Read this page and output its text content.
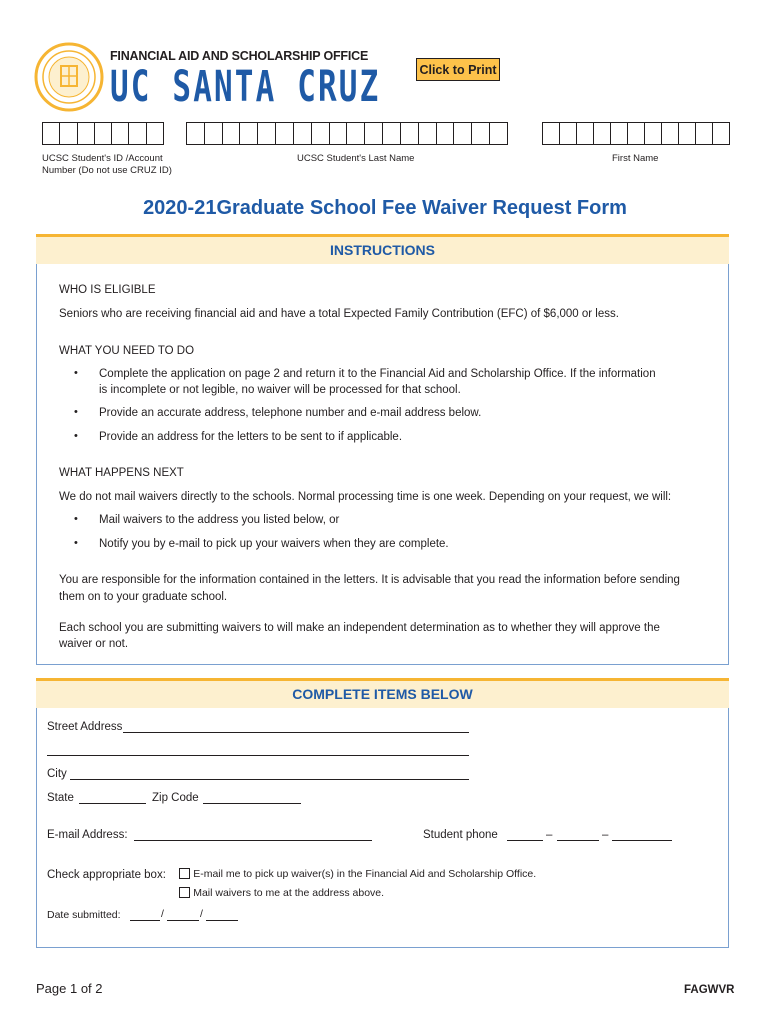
FINANCIAL AID AND SCHOLARSHIP OFFICE
UC SANTA CRUZ	Click to Print
UCSC Student's ID /Account
Number (Do not use CRUZ ID)
UCSC Student's Last Name	First Name
2020-21Graduate School Fee Waiver Request Form
INSTRUCTIONS
WHO IS ELIGIBLE
Seniors who are receiving financial aid and have a total Expected Family Contribution (EFC) of $6,000 or less.
WHAT YOU NEED TO DO
• Complete the application on page 2 and return it to the Financial Aid and Scholarship Office. If the information
is incomplete or not legible, no waiver will be processed for that school.
• Provide an accurate address, telephone number and e-mail address below.
• Provide an address for the letters to be sent to if applicable.
WHAT HAPPENS NEXT
We do not mail waivers directly to the schools. Normal processing time is one week. Depending on your request, we will:
• Mail waivers to the address you listed below, or
• Notify you by e-mail to pick up your waivers when they are complete.
You are responsible for the information contained in the letters. It is advisable that you read the information before sending
them on to your graduate school.
Each school you are submitting waivers to will make an independent determination as to whether they will approve the
waiver or not.
COMPLETE ITEMS BELOW
Street Address
City
State	Zip Code
E-mail Address:	Student phone	–	–
Check appropriate box:	E-mail me to pick up waiver(s) in the Financial Aid and Scholarship Office.
Mail waivers to me at the address above.
Date submitted:	/	/
Page 1 of 2	FAGWVR
